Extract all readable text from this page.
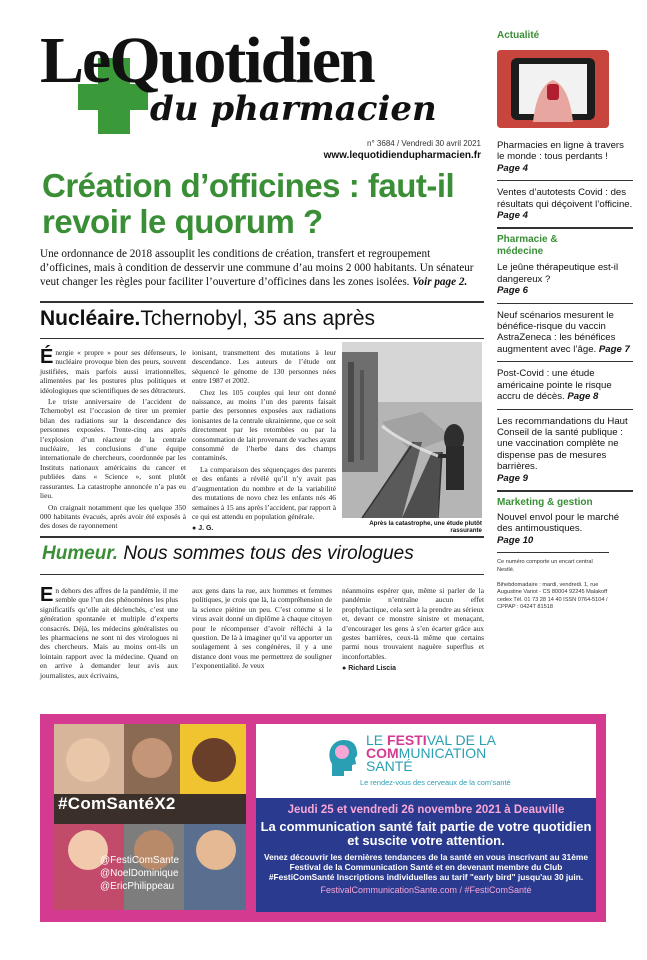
LeQuotidien
du pharmacien
n° 3684 / Vendredi 30 avril 2021
www.lequotidiendupharmacien.fr
Création d’officines : faut-il revoir le quorum ?
Une ordonnance de 2018 assouplit les conditions de création, transfert et regroupement d’officines, mais à condition de desservir une commune d’au moins 2 000 habitants. Un sénateur veut changer les règles pour faciliter l’ouverture d’officines dans les zones isolées. Voir page 2.
Nucléaire.Tchernobyl, 35 ans après

Énergie « propre » pour ses défenseurs, le nucléaire provoque bien des peurs, souvent justifiées, mais parfois aussi irrationnelles, alimentées par les postures plus politiques et idéologiques que scientifiques de ses détracteurs.

Le triste anniversaire de l’accident de Tchernobyl est l’occasion de tirer un premier bilan des radiations sur la descendance des personnes exposées. Trente-cinq ans après l’explosion d’un réacteur de la centrale nucléaire, les conclusions d’une équipe internationale de chercheurs, coordonnée par les Instituts nationaux américains du cancer et publiées dans « Science », sont plutôt rassurantes. La catastrophe annoncée n’a pas eu lieu.

On craignait notamment que les quelque 350 000 habitants évacués, après avoir été exposés à des doses de rayonnement

ionisant, transmettent des mutations à leur descendance. Les auteurs de l’étude ont séquencé le génome de 130 personnes nées entre 1987 et 2002.

Chez les 105 couples qui leur ont donné naissance, au moins l’un des parents faisait partie des personnes exposées aux radiations ionisantes de la centrale ukrainienne, que ce soit directement par les retombées ou par la consommation de lait provenant de vaches ayant consommé de l’herbe dans des champs contaminés.

La comparaison des séquençages des parents et des enfants a révélé qu’il n’y avait pas d’augmentation du nombre et de la variabilité des mutations de novo chez les enfants nés 46 semaines à 15 ans après l’accident, par rapport à ce qui est attendu en population générale.

● J. G.

Après la catastrophe, une étude plutôt rassurante
Humeur. Nous sommes tous des virologues

En dehors des affres de la pandémie, il me semble que l’un des phénomènes les plus significatifs qu’elle ait déclenchés, c’est une génération spontanée et multiple d’experts consacrés. Déjà, les médecins généralistes ou les pharmaciens ne sont ni des virologues ni des chercheurs. Mais au moins ont-ils un lointain rapport avec la médecine. Quand on en arrive à demander leur avis aux journalistes, aux écrivains,

aux gens dans la rue, aux hommes et femmes politiques, je crois que là, la compréhension de la science piétine un peu. C’est comme si le virus avait donné un diplôme à chaque citoyen pour le récompenser d’avoir réfléchi à la question. De là à imaginer qu’il va apporter un soulagement à ses congénères, il y a une distance dont vous me permettrez de souligner l’exponentialité. Je veux

néanmoins espérer que, même si parler de la pandémie n’entraîne aucun effet prophylactique, cela sert à la prendre au sérieux et, devant ce monstre sinistre et menaçant, d’encourager les gens à s’en écarter grâce aux gestes barrières, ceux-là même que certains parmi nous trouvaient naguère superflus et inconfortables.

● Richard Liscia

Actualité
Pharmacies en ligne à travers le monde : tous perdants !
Page 4
Ventes d’autotests Covid : des résultats qui déçoivent l’officine. Page 4
Pharmacie & médecine
Le jeûne thérapeutique est-il dangereux ?
Page 6
Neuf scénarios mesurent le bénéfice-risque du vaccin AstraZeneca : les bénéfices augmentent avec l’âge. Page 7
Post-Covid : une étude américaine pointe le risque accru de décès. Page 8
Les recommandations du Haut Conseil de la santé publique : une vaccination complète ne dispense pas de mesures barrières.
Page 9
Marketing & gestion
Nouvel envol pour le marché des antimoustiques.
Page 10
Ce numéro comporte un encart central Nestlé.
Bihebdomadaire : mardi, vendredi. 1, rue Augustine Variot - CS 80004 92245 Malakoff cedex Tél. 01 73 28 14 40 ISSN 0764-5104 / CPPAP : 0424T 81518
#ComSantéX2
@FestiComSante
@NoelDominique
@EricPhilippeau
LE FESTIVAL DE LA
COMMUNICATION
SANTÉ
Le rendez-vous des cerveaux de la com’santé
Jeudi 25 et vendredi 26 novembre 2021 à Deauville
La communication santé fait partie de votre quotidien et suscite votre attention.
Venez découvrir les dernières tendances de la santé en vous inscrivant au 31ème Festival de la Communication Santé et en devenant membre du Club #FestiComSanté Inscriptions individuelles au tarif "early bird" jusqu'au 30 juin.
FestivalCommunicationSante.com / #FestiComSanté
